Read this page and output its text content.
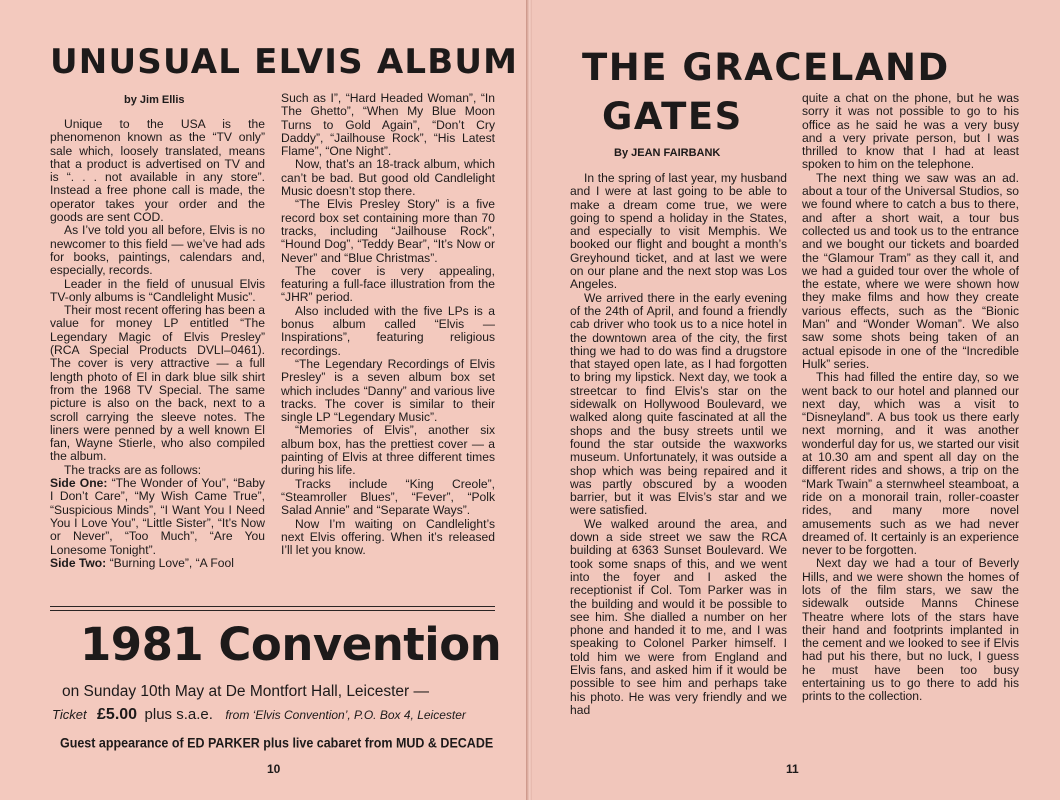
UNUSUAL ELVIS ALBUM
by Jim Ellis

Unique to the USA is the phenomenon known as the “TV only” sale which, loosely translated, means that a product is advertised on TV and is “. . . not available in any store”. Instead a free phone call is made, the operator takes your order and the goods are sent COD.

As I’ve told you all before, Elvis is no newcomer to this field — we’ve had ads for books, paintings, calendars and, especially, records.

Leader in the field of unusual Elvis TV-only albums is “Candlelight Music”.

Their most recent offering has been a value for money LP entitled “The Legendary Magic of Elvis Presley” (RCA Special Products DVLI–0461). The cover is very attractive — a full length photo of El in dark blue silk shirt from the 1968 TV Special. The same picture is also on the back, next to a scroll carrying the sleeve notes. The liners were penned by a well known El fan, Wayne Stierle, who also compiled the album.

The tracks are as follows:

Side One: “The Wonder of You”, “Baby I Don’t Care”, “My Wish Came True”, “Suspicious Minds”, “I Want You I Need You I Love You”, “Little Sister”, “It’s Now or Never”, “Too Much”, “Are You Lonesome Tonight”.

Side Two: “Burning Love”, “A Fool

Such as I”, “Hard Headed Woman”, “In The Ghetto”, “When My Blue Moon Turns to Gold Again”, “Don’t Cry Daddy”, “Jailhouse Rock”, “His Latest Flame”, “One Night”.

Now, that’s an 18-track album, which can’t be bad. But good old Candlelight Music doesn’t stop there.

“The Elvis Presley Story” is a five record box set containing more than 70 tracks, including “Jailhouse Rock”, “Hound Dog”, “Teddy Bear”, “It’s Now or Never” and “Blue Christmas”.

The cover is very appealing, featuring a full-face illustration from the “JHR” period.

Also included with the five LPs is a bonus album called “Elvis — Inspirations”, featuring religious recordings.

“The Legendary Recordings of Elvis Presley” is a seven album box set which includes “Danny” and various live tracks. The cover is similar to their single LP “Legendary Music”.

“Memories of Elvis”, another six album box, has the prettiest cover — a painting of Elvis at three different times during his life.

Tracks include “King Creole”, “Steamroller Blues”, “Fever”, “Polk Salad Annie” and “Separate Ways”.

Now I’m waiting on Candlelight’s next Elvis offering. When it’s released I’ll let you know.

1981 Convention
on Sunday 10th May at De Montfort Hall, Leicester —
Ticket £5.00 plus s.a.e. from ‘Elvis Convention’, P.O. Box 4, Leicester
Guest appearance of ED PARKER plus live cabaret from MUD & DECADE
10
THE GRACELAND
GATES
By JEAN FAIRBANK

In the spring of last year, my husband and I were at last going to be able to make a dream come true, we were going to spend a holiday in the States, and especially to visit Memphis. We booked our flight and bought a month’s Greyhound ticket, and at last we were on our plane and the next stop was Los Angeles.

We arrived there in the early evening of the 24th of April, and found a friendly cab driver who took us to a nice hotel in the downtown area of the city, the first thing we had to do was find a drugstore that stayed open late, as I had forgotten to bring my lipstick. Next day, we took a streetcar to find Elvis’s star on the sidewalk on Hollywood Boulevard, we walked along quite fascinated at all the shops and the busy streets until we found the star outside the waxworks museum. Unfortunately, it was outside a shop which was being repaired and it was partly obscured by a wooden barrier, but it was Elvis’s star and we were satisfied.

We walked around the area, and down a side street we saw the RCA building at 6363 Sunset Boulevard. We took some snaps of this, and we went into the foyer and I asked the receptionist if Col. Tom Parker was in the building and would it be possible to see him. She dialled a number on her phone and handed it to me, and I was speaking to Colonel Parker himself. I told him we were from England and Elvis fans, and asked him if it would be possible to see him and perhaps take his photo. He was very friendly and we had

quite a chat on the phone, but he was sorry it was not possible to go to his office as he said he was a very busy and a very private person, but I was thrilled to know that I had at least spoken to him on the telephone.

The next thing we saw was an ad. about a tour of the Universal Studios, so we found where to catch a bus to there, and after a short wait, a tour bus collected us and took us to the entrance and we bought our tickets and boarded the “Glamour Tram” as they call it, and we had a guided tour over the whole of the estate, where we were shown how they make films and how they create various effects, such as the “Bionic Man” and “Wonder Woman”. We also saw some shots being taken of an actual episode in one of the “Incredible Hulk” series.

This had filled the entire day, so we went back to our hotel and planned our next day, which was a visit to “Disneyland”. A bus took us there early next morning, and it was another wonderful day for us, we started our visit at 10.30 am and spent all day on the different rides and shows, a trip on the “Mark Twain” a sternwheel steamboat, a ride on a monorail train, roller-coaster rides, and many more novel amusements such as we had never dreamed of. It certainly is an experience never to be forgotten.

Next day we had a tour of Beverly Hills, and we were shown the homes of lots of the film stars, we saw the sidewalk outside Manns Chinese Theatre where lots of the stars have their hand and footprints implanted in the cement and we looked to see if Elvis had put his there, but no luck, I guess he must have been too busy entertaining us to go there to add his prints to the collection.

11
